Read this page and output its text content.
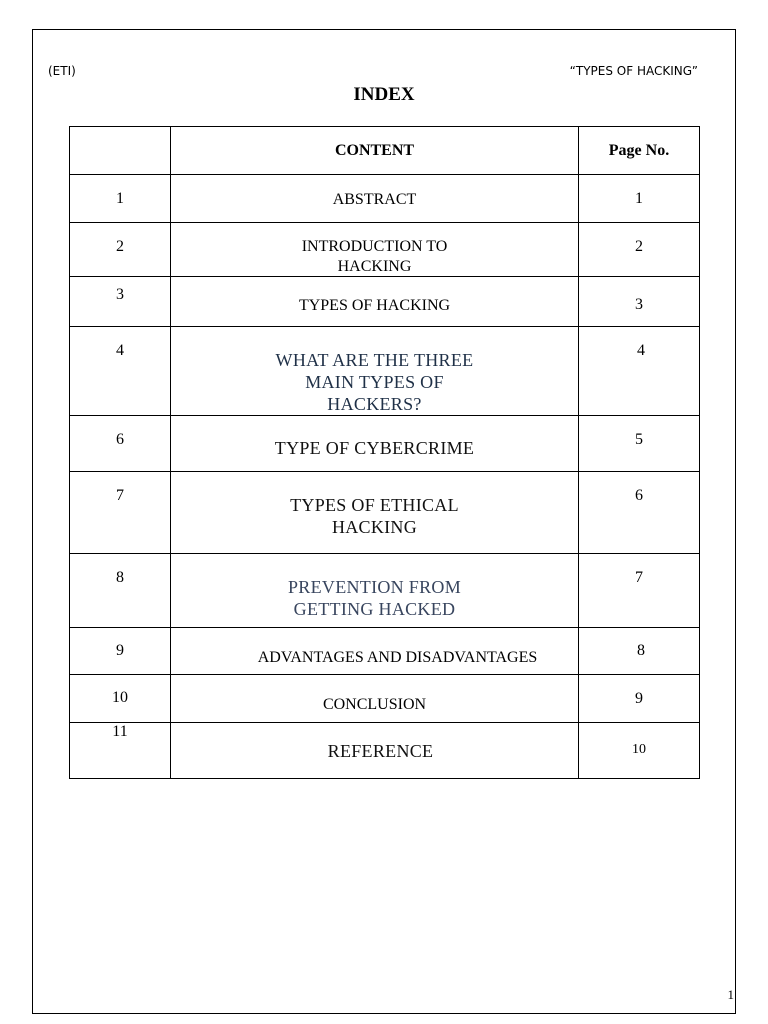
(ETI)	“TYPES OF HACKING”
INDEX

	CONTENT	Page No.

1	ABSTRACT	1

2	INTRODUCTION TO
HACKING	2

3	TYPES OF HACKING	3

4	WHAT ARE THE THREE
MAIN TYPES OF
HACKERS?	4

6	TYPE OF CYBERCRIME	5

7	TYPES OF ETHICAL
HACKING	6

8	PREVENTION FROM
GETTING HACKED	7

9	ADVANTAGES AND DISADVANTAGES	8

10	CONCLUSION	9

11	REFERENCE	10
1
